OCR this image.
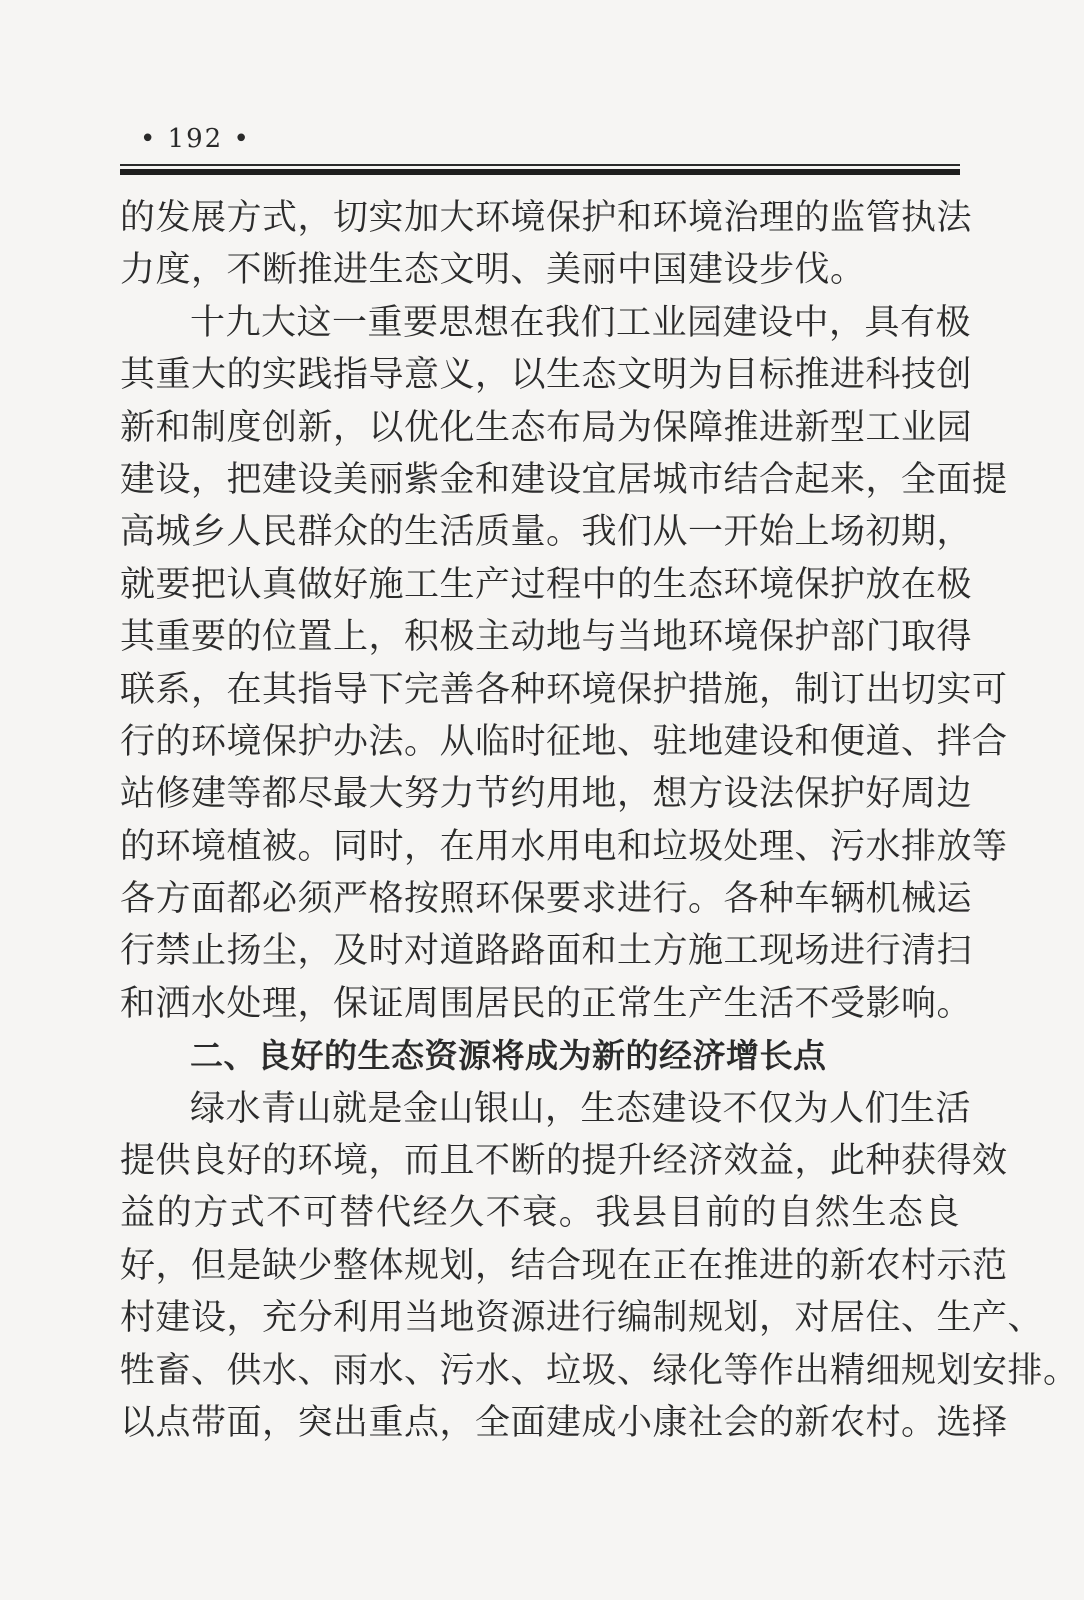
• 192 •
的发展方式，切实加大环境保护和环境治理的监管执法
力度，不断推进生态文明、美丽中国建设步伐。
十九大这一重要思想在我们工业园建设中，具有极
其重大的实践指导意义，以生态文明为目标推进科技创
新和制度创新，以优化生态布局为保障推进新型工业园
建设，把建设美丽紫金和建设宜居城市结合起来，全面提
高城乡人民群众的生活质量。我们从一开始上场初期，
就要把认真做好施工生产过程中的生态环境保护放在极
其重要的位置上，积极主动地与当地环境保护部门取得
联系，在其指导下完善各种环境保护措施，制订出切实可
行的环境保护办法。从临时征地、驻地建设和便道、拌合
站修建等都尽最大努力节约用地，想方设法保护好周边
的环境植被。同时，在用水用电和垃圾处理、污水排放等
各方面都必须严格按照环保要求进行。各种车辆机械运
行禁止扬尘，及时对道路路面和土方施工现场进行清扫
和洒水处理，保证周围居民的正常生产生活不受影响。
二、良好的生态资源将成为新的经济增长点
绿水青山就是金山银山，生态建设不仅为人们生活
提供良好的环境，而且不断的提升经济效益，此种获得效
益的方式不可替代经久不衰。我县目前的自然生态良
好，但是缺少整体规划，结合现在正在推进的新农村示范
村建设，充分利用当地资源进行编制规划，对居住、生产、
牲畜、供水、雨水、污水、垃圾、绿化等作出精细规划安排。
以点带面，突出重点，全面建成小康社会的新农村。选择
